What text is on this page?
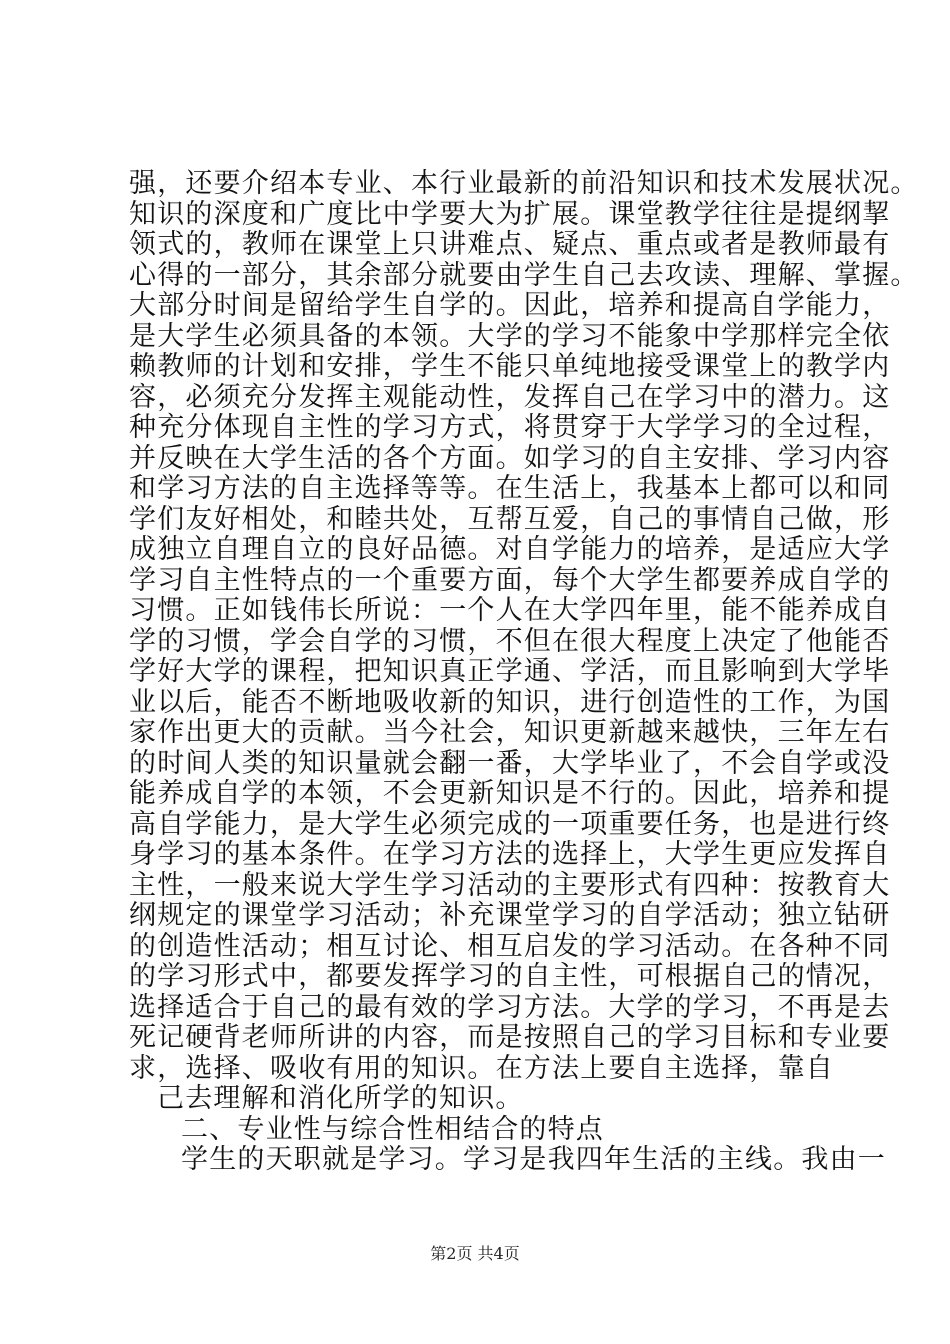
强，还要介绍本专业、本行业最新的前沿知识和技术发展状况。
知识的深度和广度比中学要大为扩展。课堂教学往往是提纲挈
领式的，教师在课堂上只讲难点、疑点、重点或者是教师最有
心得的一部分，其余部分就要由学生自己去攻读、理解、掌握。
大部分时间是留给学生自学的。因此，培养和提高自学能力，
是大学生必须具备的本领。大学的学习不能象中学那样完全依
赖教师的计划和安排，学生不能只单纯地接受课堂上的教学内
容，必须充分发挥主观能动性，发挥自己在学习中的潜力。这
种充分体现自主性的学习方式，将贯穿于大学学习的全过程，
并反映在大学生活的各个方面。如学习的自主安排、学习内容
和学习方法的自主选择等等。在生活上，我基本上都可以和同
学们友好相处，和睦共处，互帮互爱，自己的事情自己做，形
成独立自理自立的良好品德。对自学能力的培养，是适应大学
学习自主性特点的一个重要方面，每个大学生都要养成自学的
习惯。正如钱伟长所说：一个人在大学四年里，能不能养成自
学的习惯，学会自学的习惯，不但在很大程度上决定了他能否
学好大学的课程，把知识真正学通、学活，而且影响到大学毕
业以后，能否不断地吸收新的知识，进行创造性的工作，为国
家作出更大的贡献。当今社会，知识更新越来越快，三年左右
的时间人类的知识量就会翻一番，大学毕业了，不会自学或没
能养成自学的本领，不会更新知识是不行的。因此，培养和提
高自学能力，是大学生必须完成的一项重要任务，也是进行终
身学习的基本条件。在学习方法的选择上，大学生更应发挥自
主性，一般来说大学生学习活动的主要形式有四种：按教育大
纲规定的课堂学习活动；补充课堂学习的自学活动；独立钻研
的创造性活动；相互讨论、相互启发的学习活动。在各种不同
的学习形式中，都要发挥学习的自主性，可根据自己的情况，
选择适合于自己的最有效的学习方法。大学的学习，不再是去
死记硬背老师所讲的内容，而是按照自己的学习目标和专业要
求，选择、吸收有用的知识。在方法上要自主选择，靠自
己去理解和消化所学的知识。
二、专业性与综合性相结合的特点
学生的天职就是学习。学习是我四年生活的主线。我由一
第2页 共4页
